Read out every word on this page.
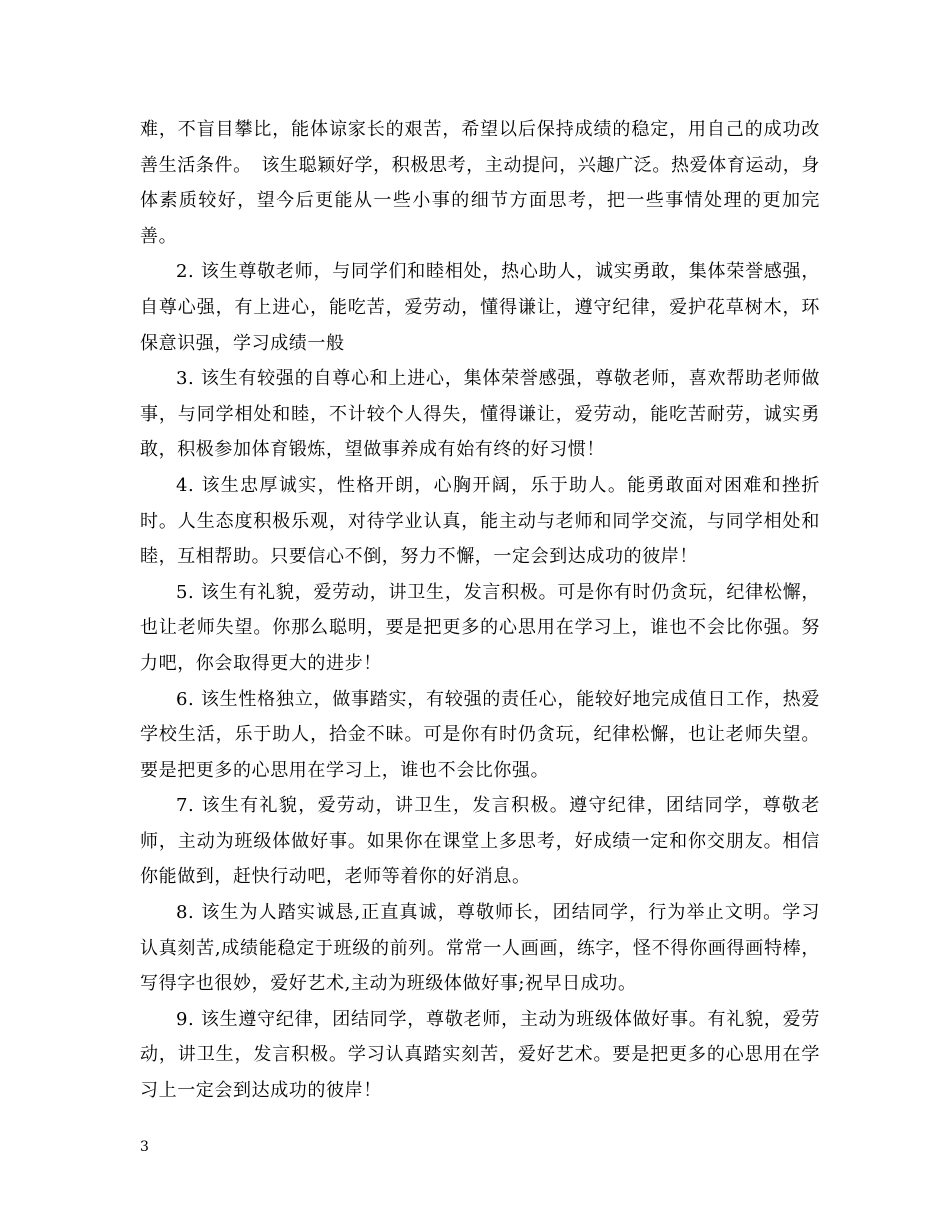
难，不盲目攀比，能体谅家长的艰苦，希望以后保持成绩的稳定，用自己的成功改善生活条件。　该生聪颖好学，积极思考，主动提问，兴趣广泛。热爱体育运动，身体素质较好，望今后更能从一些小事的细节方面思考，把一些事情处理的更加完善。

2. 该生尊敬老师，与同学们和睦相处，热心助人，诚实勇敢，集体荣誉感强，自尊心强，有上进心，能吃苦，爱劳动，懂得谦让，遵守纪律，爱护花草树木，环保意识强，学习成绩一般

3. 该生有较强的自尊心和上进心，集体荣誉感强，尊敬老师，喜欢帮助老师做事，与同学相处和睦，不计较个人得失，懂得谦让，爱劳动，能吃苦耐劳，诚实勇敢，积极参加体育锻炼，望做事养成有始有终的好习惯！

4. 该生忠厚诚实，性格开朗，心胸开阔，乐于助人。能勇敢面对困难和挫折时。人生态度积极乐观，对待学业认真，能主动与老师和同学交流，与同学相处和睦，互相帮助。只要信心不倒，努力不懈，一定会到达成功的彼岸！

5. 该生有礼貌，爱劳动，讲卫生，发言积极。可是你有时仍贪玩，纪律松懈，也让老师失望。你那么聪明，要是把更多的心思用在学习上，谁也不会比你强。努力吧，你会取得更大的进步！

6. 该生性格独立，做事踏实，有较强的责任心，能较好地完成值日工作，热爱学校生活，乐于助人，拾金不昧。可是你有时仍贪玩，纪律松懈，也让老师失望。要是把更多的心思用在学习上，谁也不会比你强。

7. 该生有礼貌，爱劳动，讲卫生，发言积极。遵守纪律，团结同学，尊敬老师，主动为班级体做好事。如果你在课堂上多思考，好成绩一定和你交朋友。相信你能做到，赶快行动吧，老师等着你的好消息。

8. 该生为人踏实诚恳,正直真诚，尊敬师长，团结同学，行为举止文明。学习认真刻苦,成绩能稳定于班级的前列。常常一人画画，练字，怪不得你画得画特棒，写得字也很妙，爱好艺术,主动为班级体做好事;祝早日成功。

9. 该生遵守纪律，团结同学，尊敬老师，主动为班级体做好事。有礼貌，爱劳动，讲卫生，发言积极。学习认真踏实刻苦，爱好艺术。要是把更多的心思用在学习上一定会到达成功的彼岸！

3
